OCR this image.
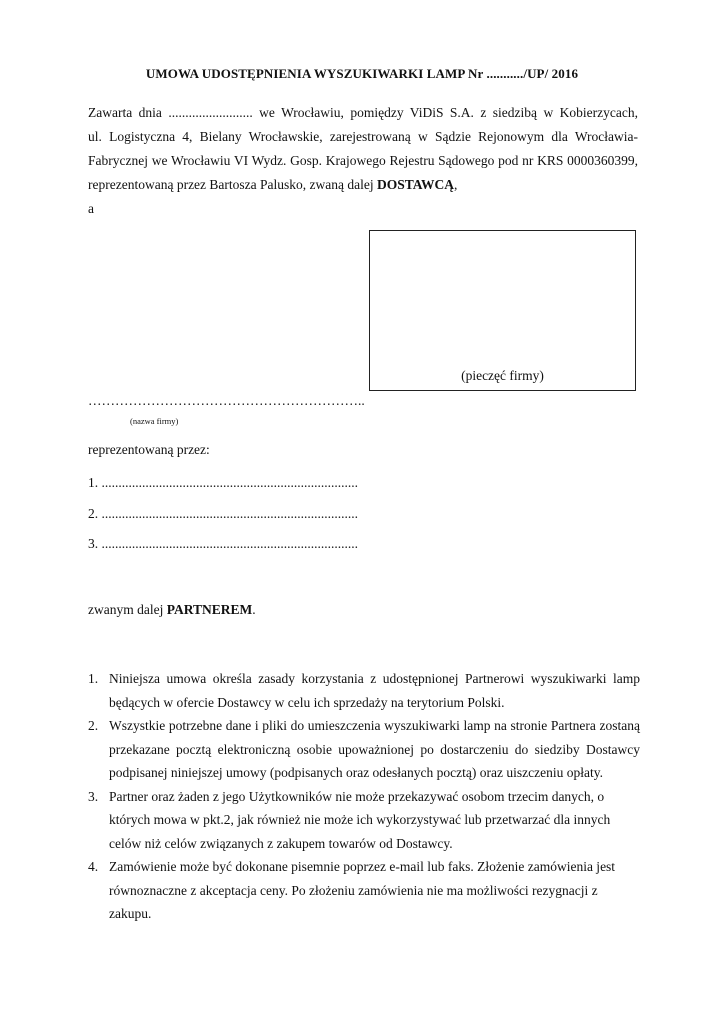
UMOWA UDOSTĘPNIENIA WYSZUKIWARKI LAMP Nr .........../UP/ 2016
Zawarta dnia ......................... we Wrocławiu, pomiędzy ViDiS S.A. z siedzibą w Kobierzycach,
ul. Logistyczna 4, Bielany Wrocławskie, zarejestrowaną w Sądzie Rejonowym dla Wrocławia-
Fabrycznej we Wrocławiu VI Wydz. Gosp. Krajowego Rejestru Sądowego pod nr KRS 0000360399,
reprezentowaną przez Bartosza Palusko, zwaną dalej DOSTAWCĄ,
a
(pieczęć firmy)
……………………………………………………..
(nazwa firmy)
reprezentowaną przez:
1. ............................................................................
2. ............................................................................
3. ............................................................................
zwanym dalej PARTNEREM.
1. Niniejsza umowa określa zasady korzystania z udostępnionej Partnerowi wyszukiwarki lamp będących w ofercie Dostawcy w celu ich sprzedaży na terytorium Polski.
2. Wszystkie potrzebne dane i pliki do umieszczenia wyszukiwarki lamp na stronie Partnera zostaną przekazane pocztą elektroniczną osobie upoważnionej po dostarczeniu do siedziby Dostawcy podpisanej niniejszej umowy (podpisanych oraz odesłanych pocztą) oraz uiszczeniu opłaty.
3. Partner oraz żaden z jego Użytkowników nie może przekazywać osobom trzecim danych, o których mowa w pkt.2, jak również nie może ich wykorzystywać lub przetwarzać dla innych celów niż celów związanych z zakupem towarów od Dostawcy.
4. Zamówienie może być dokonane pisemnie poprzez e-mail lub faks. Złożenie zamówienia jest równoznaczne z akceptacja ceny. Po złożeniu zamówienia nie ma możliwości rezygnacji z zakupu.
